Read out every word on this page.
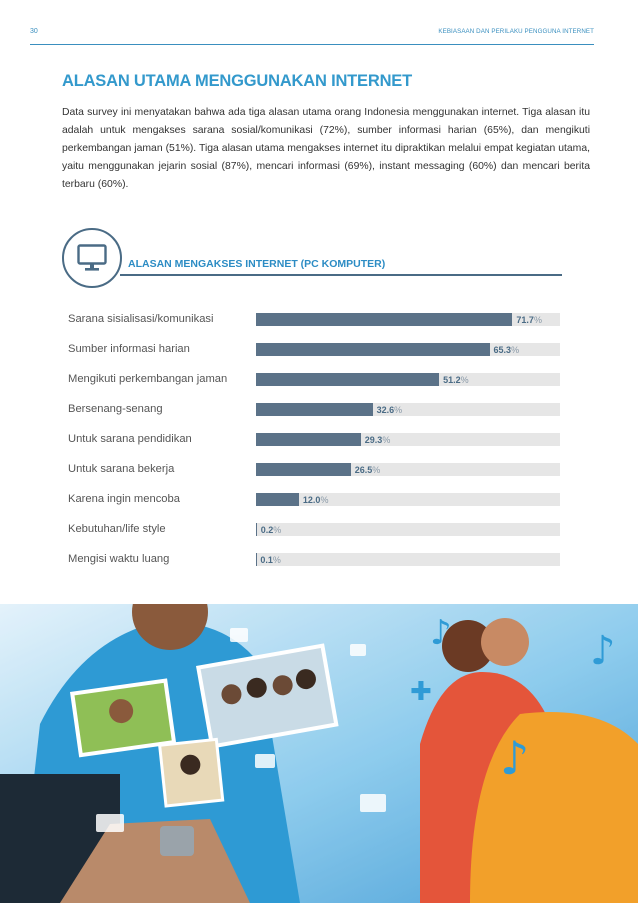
30	KEBIASAAN DAN PERILAKU PENGGUNA INTERNET
ALASAN UTAMA MENGGUNAKAN INTERNET

Data survey ini menyatakan bahwa ada tiga alasan utama orang Indonesia menggunakan internet. Tiga alasan itu adalah untuk mengakses sarana sosial/komunikasi (72%), sumber informasi harian (65%), dan mengikuti perkembangan jaman (51%). Tiga alasan utama mengakses internet itu dipraktikan melalui empat kegiatan utama, yaitu menggunakan jejarin sosial (87%), mencari informasi (69%), instant messaging (60%) dan mencari berita terbaru (60%).

ALASAN MENGAKSES INTERNET (PC KOMPUTER)
Sarana sisialisasi/komunikasi	71.7%
Sumber informasi harian	65.3%
Mengikuti perkembangan jaman	51.2%
Bersenang-senang	32.6%
Untuk sarana pendidikan	29.3%
Untuk sarana bekerja	26.5%
Karena ingin mencoba	12.0%
Kebutuhan/life style	0.2%
Mengisi waktu luang	0.1%
♪	♪
♪
✚
